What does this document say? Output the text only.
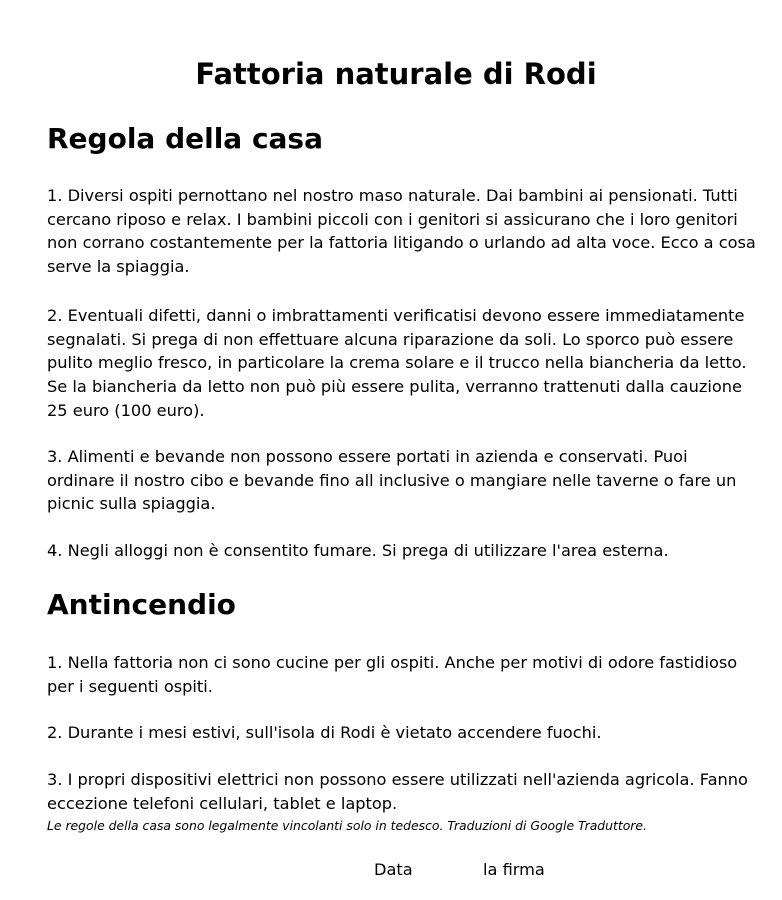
Fattoria naturale di Rodi
Regola della casa

1. Diversi ospiti pernottano nel nostro maso naturale. Dai bambini ai pensionati. Tutti cercano riposo e relax. I bambini piccoli con i genitori si assicurano che i loro genitori non corrano costantemente per la fattoria litigando o urlando ad alta voce. Ecco a cosa serve la spiaggia.

2. Eventuali difetti, danni o imbrattamenti verificatisi devono essere immediatamente segnalati. Si prega di non effettuare alcuna riparazione da soli. Lo sporco può essere pulito meglio fresco, in particolare la crema solare e il trucco nella biancheria da letto. Se la biancheria da letto non può più essere pulita, verranno trattenuti dalla cauzione 25 euro (100 euro).

3. Alimenti e bevande non possono essere portati in azienda e conservati. Puoi ordinare il nostro cibo e bevande fino all inclusive o mangiare nelle taverne o fare un picnic sulla spiaggia.

4. Negli alloggi non è consentito fumare. Si prega di utilizzare l'area esterna.

Antincendio

1. Nella fattoria non ci sono cucine per gli ospiti. Anche per motivi di odore fastidioso per i seguenti ospiti.

2. Durante i mesi estivi, sull'isola di Rodi è vietato accendere fuochi.

3. I propri dispositivi elettrici non possono essere utilizzati nell'azienda agricola. Fanno eccezione telefoni cellulari, tablet e laptop.

Le regole della casa sono legalmente vincolanti solo in tedesco. Traduzioni di Google Traduttore.

Data	la firma
